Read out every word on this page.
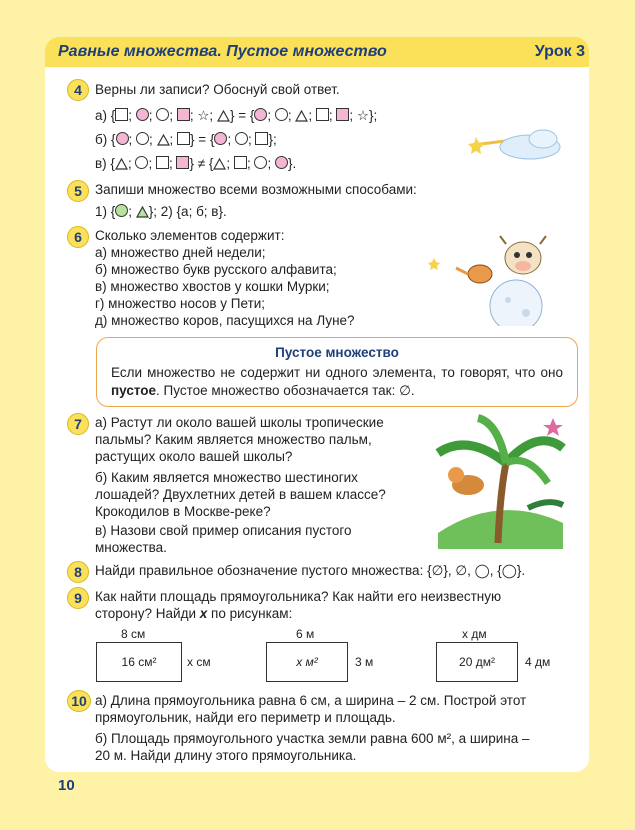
Равные множества. Пустое множество	Урок 3
4 Верны ли записи? Обоснуй свой ответ.
а) { ; ; ; ; ☆; } = { ; ; ; ; ; ☆};
б) { ; ; ; } = { ; ; };
в) { ; ; ; } ≠ { ; ; ; }.
5 Запиши множество всеми возможными способами:
1) { ; }; 2) {а; б; в}.
6 Сколько элементов содержит:
а) множество дней недели;
б) множество букв русского алфавита;
в) множество хвостов у кошки Мурки;
г) множество носов у Пети;
д) множество коров, пасущихся на Луне?
Пустое множество
Если множество не содержит ни одного элемента, то говорят, что оно пустое. Пустое множество обозначается так: ∅.
7 а) Растут ли около вашей школы тропические
пальмы? Каким является множество пальм,
растущих около вашей школы?
б) Каким является множество шестиногих
лошадей? Двухлетних детей в вашем классе?
Крокодилов в Москве-реке?
в) Назови свой пример описания пустого
множества.
8 Найди правильное обозначение пустого множества: {∅}, ∅, ◯, {◯}.
9 Как найти площадь прямоугольника? Как найти его неизвестную
сторону? Найди x по рисункам:
8 см
16 см²	x см
6 м
x м²	3 м
x дм
20 дм²	4 дм
10 а) Длина прямоугольника равна 6 см, а ширина – 2 см. Построй этот
прямоугольник, найди его периметр и площадь.
б) Площадь прямоугольного участка земли равна 600 м², а ширина –
20 м. Найди длину этого прямоугольника.
10
